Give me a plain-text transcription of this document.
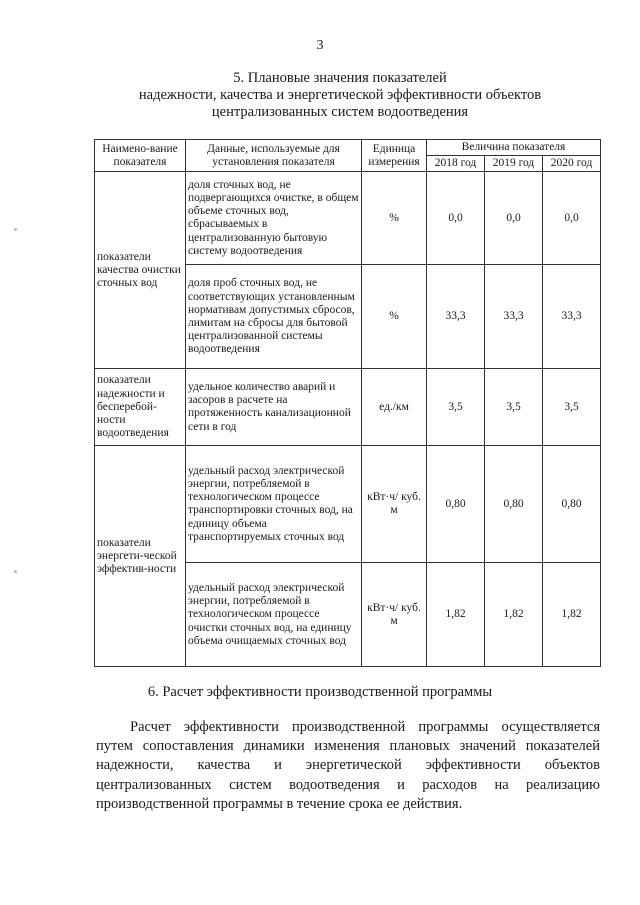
3
5. Плановые значения показателей
надежности, качества и энергетической эффективности объектов
централизованных систем водоотведения
Наимено-вание показателя	Данные, используемые для установления показателя	Единица измерения	Величина показателя		
			2018 год	2019 год	2020 год
показатели качества очистки сточных вод	доля сточных вод, не подвергающихся очистке, в общем объеме сточных вод, сбрасываемых в централизованную бытовую систему водоотведения	%	0,0	0,0	0,0
	доля проб сточных вод, не соответствующих установленным нормативам допустимых сбросов, лимитам на сбросы для бытовой централизованной системы водоотведения	%	33,3	33,3	33,3
показатели надежности и бесперебой-ности водоотведения	удельное количество аварий и засоров в расчете на протяженность канализационной сети в год	ед./км	3,5	3,5	3,5
показатели энергети-ческой эффектив-ности	удельный расход электрической энергии, потребляемой в технологическом процессе транспортировки сточных вод, на единицу объема транспортируемых сточных вод	кВт·ч/ куб. м	0,80	0,80	0,80
	удельный расход электрической энергии, потребляемой в технологическом процессе очистки сточных вод, на единицу объема очищаемых сточных вод	кВт·ч/ куб. м	1,82	1,82	1,82
6. Расчет эффективности производственной программы
Расчет эффективности производственной программы осуществляется
путем сопоставления динамики изменения плановых значений показателей
надежности, качества и энергетической эффективности объектов
централизованных систем водоотведения и расходов на реализацию
производственной программы в течение срока ее действия.
